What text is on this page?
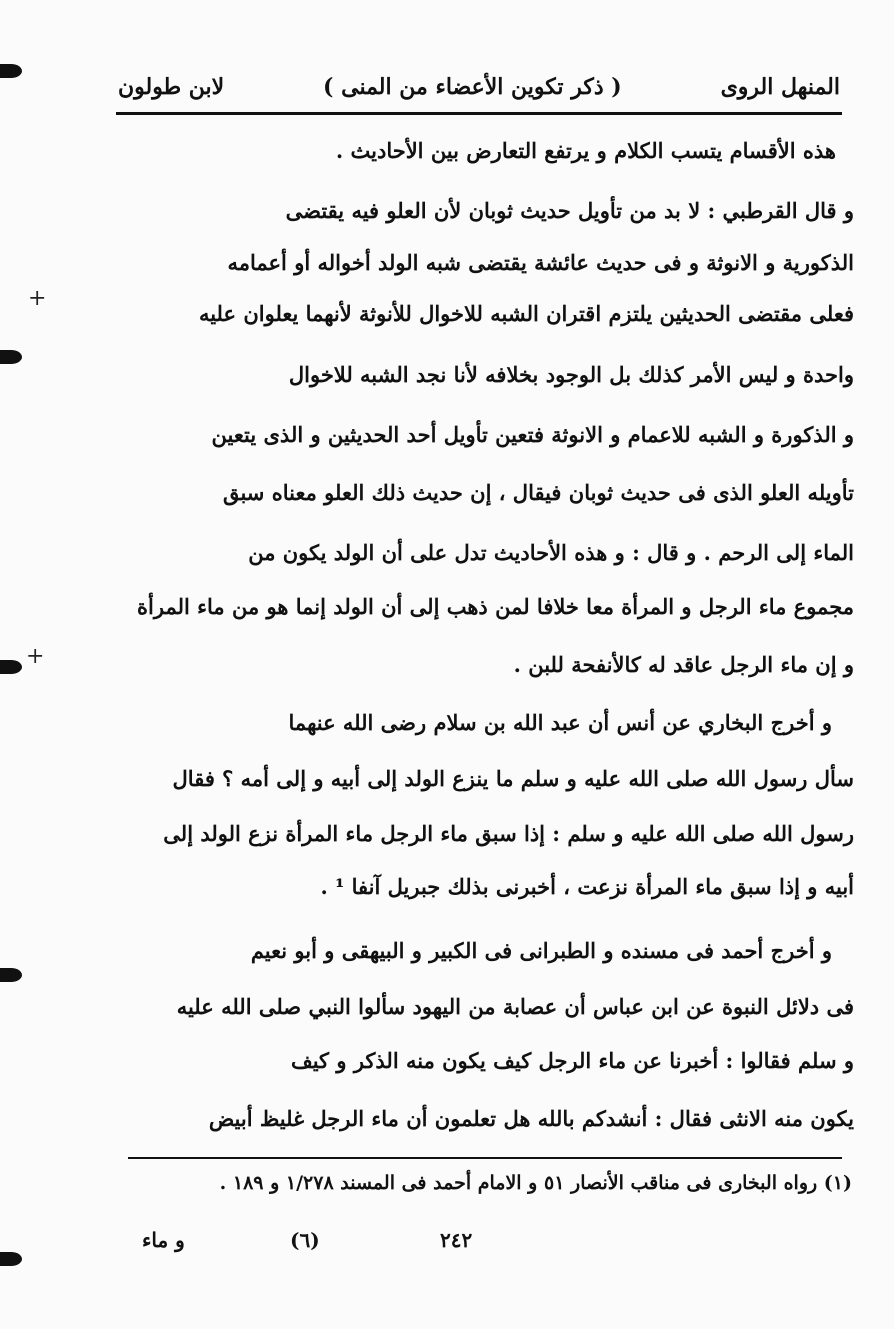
المنهل الروى
( ذكر تكوين الأعضاء من المنى )
لابن طولون
هذه الأقسام يتسب الكلام و يرتفع التعارض بين الأحاديث .
و قال القرطبي : لا بد من تأويل حديث ثوبان لأن العلو فيه يقتضى
الذكورية و الانوثة و فى حديث عائشة يقتضى شبه الولد أخواله أو أعمامه
فعلى مقتضى الحديثين يلتزم اقتران الشبه للاخوال للأنوثة لأنهما يعلوان عليه
واحدة و ليس الأمر كذلك بل الوجود بخلافه لأنا نجد الشبه للاخوال
و الذكورة و الشبه للاعمام و الانوثة فتعين تأويل أحد الحديثين و الذى يتعين
تأويله العلو الذى فى حديث ثوبان فيقال ، إن حديث ذلك العلو معناه سبق
الماء إلى الرحم . و قال : و هذه الأحاديث تدل على أن الولد يكون من
مجموع ماء الرجل و المرأة معا خلافا لمن ذهب إلى أن الولد إنما هو من ماء المرأة
و إن ماء الرجل عاقد له كالأنفحة للبن .
و أخرج البخاري عن أنس أن عبد الله بن سلام رضى الله عنهما
سأل رسول الله صلى الله عليه و سلم ما ينزع الولد إلى أبيه و إلى أمه ؟ فقال
رسول الله صلى الله عليه و سلم : إذا سبق ماء الرجل ماء المرأة نزع الولد إلى
أبيه و إذا سبق ماء المرأة نزعت ، أخبرنى بذلك جبريل آنفا ¹ .
و أخرج أحمد فى مسنده و الطبرانى فى الكبير و البيهقى و أبو نعيم
فى دلائل النبوة عن ابن عباس أن عصابة من اليهود سألوا النبي صلى الله عليه
و سلم فقالوا : أخبرنا عن ماء الرجل كيف يكون منه الذكر و كيف
يكون منه الانثى فقال : أنشدكم بالله هل تعلمون أن ماء الرجل غليظ أبيض
(١) رواه البخارى فى مناقب الأنصار ٥١ و الامام أحمد فى المسند ١/٢٧٨ و ١٨٩ .
و ماء	(٦)	٢٤٢
+
+
